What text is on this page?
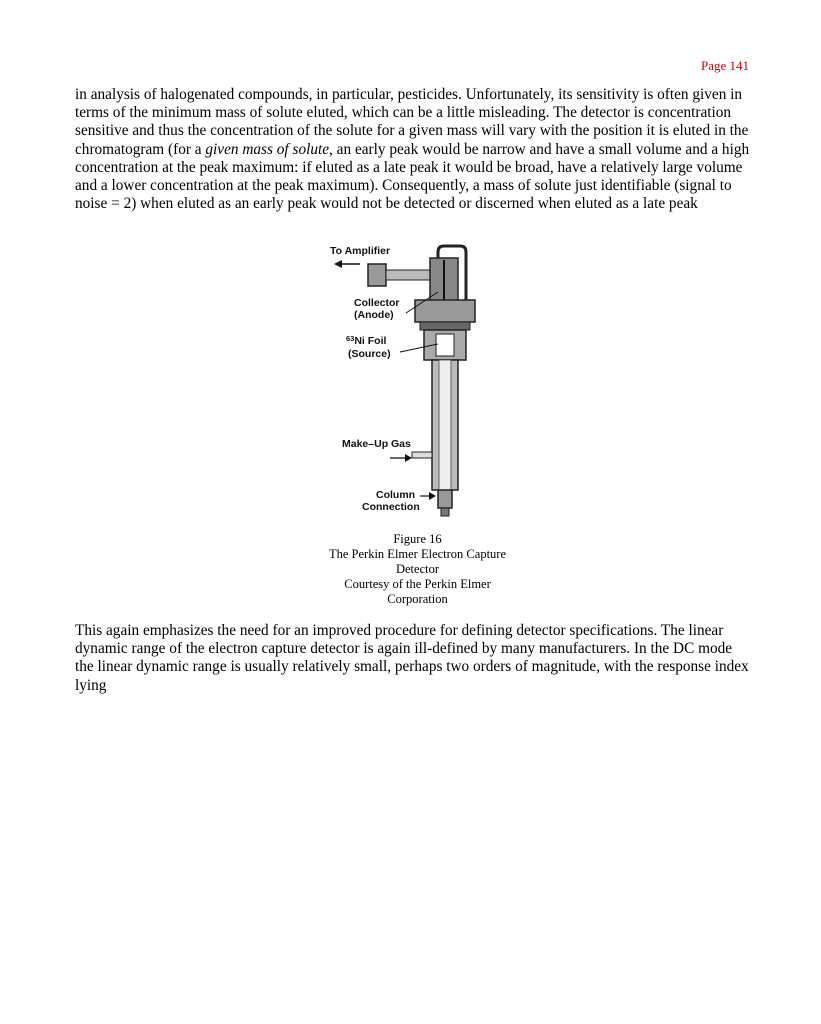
Page 141

in analysis of halogenated compounds, in particular, pesticides. Unfortunately, its sensitivity is often given in terms of the minimum mass of solute eluted, which can be a little misleading. The detector is concentration sensitive and thus the concentration of the solute for a given mass will vary with the position it is eluted in the chromatogram (for a given mass of solute, an early peak would be narrow and have a small volume and a high concentration at the peak maximum: if eluted as a late peak it would be broad, have a relatively large volume and a lower concentration at the peak maximum). Consequently, a mass of solute just identifiable (signal to noise = 2) when eluted as an early peak would not be detected or discerned when eluted as a late peak

To Amplifier
Collector
(Anode)
$^{63}$Ni Foil
(Source)
Make–Up Gas
Column
Connection
Figure 16
The Perkin Elmer Electron Capture
Detector
Courtesy of the Perkin Elmer
Corporation

This again emphasizes the need for an improved procedure for defining detector specifications. The linear dynamic range of the electron capture detector is again ill-defined by many manufacturers. In the DC mode the linear dynamic range is usually relatively small, perhaps two orders of magnitude, with the response index lying
